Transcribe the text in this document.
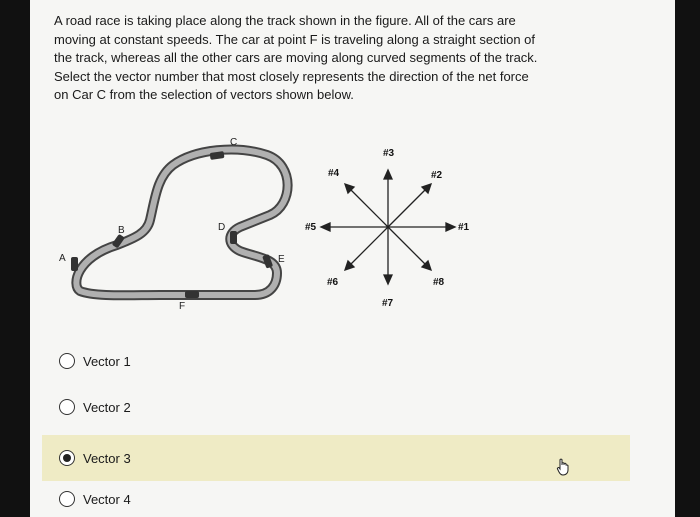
A road race is taking place along the track shown in the figure. All of the cars are
moving at constant speeds. The car at point F is traveling along a straight section of
the track, whereas all the other cars are moving along curved segments of the track.
Select the vector number that most closely represents the direction of the net force
on Car C from the selection of vectors shown below.
C
B
A
D
E
F
#1
#2
#3
#4
#5
#6
#7
#8
Vector 1
Vector 2
Vector 3
Vector 4
